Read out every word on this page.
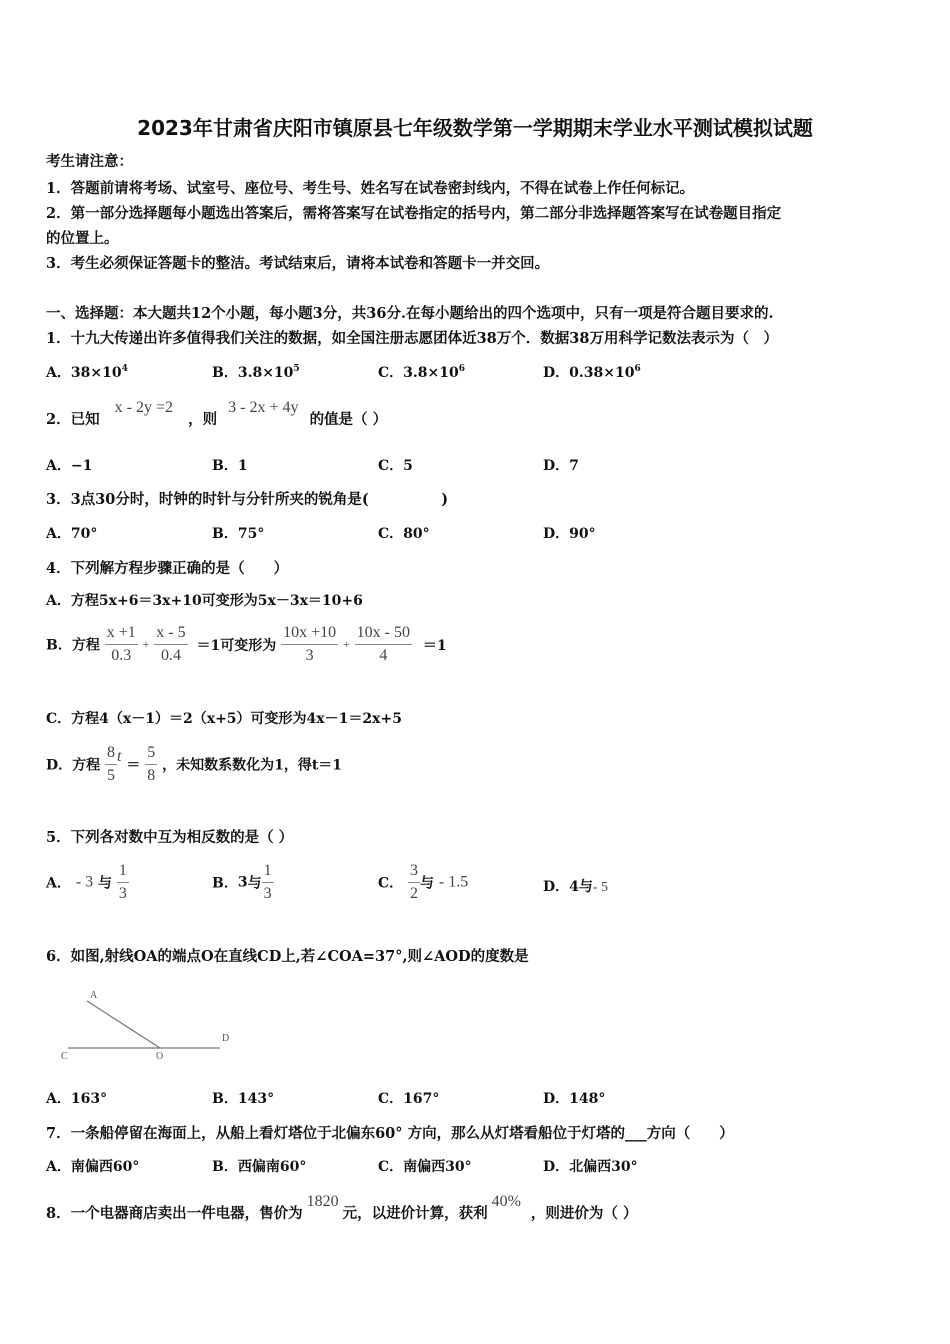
2023年甘肃省庆阳市镇原县七年级数学第一学期期末学业水平测试模拟试题
考生请注意：
1．答题前请将考场、试室号、座位号、考生号、姓名写在试卷密封线内，不得在试卷上作任何标记。
2．第一部分选择题每小题选出答案后，需将答案写在试卷指定的括号内，第二部分非选择题答案写在试卷题目指定
的位置上。
3．考生必须保证答题卡的整洁。考试结束后，请将本试卷和答题卡一并交回。
一、选择题：本大题共12个小题，每小题3分，共36分.在每小题给出的四个选项中，只有一项是符合题目要求的.
1．十九大传递出许多值得我们关注的数据，如全国注册志愿团体近38万个．数据38万用科学记数法表示为（　）
A．$38\times 10^4$	B．$3.8\times 10^5$	C．$3.8\times 10^6$	D．$0.38\times 10^6$
2．已知 x - 2y =2 ，则 3 - 2x + 4y 的值是（ ）
A．−1	B．1	C．5	D．7
3．3点30分时，时钟的时针与分针所夹的锐角是(　　　　　)
A．70°	B．75°	C．80°	D．90°
4．下列解方程步骤正确的是（　　）
A．方程5x+6＝3x+10可变形为5x－3x＝10+6
B．方程 $\frac{x +1}{0.3} + \frac{x - 5}{0.4} =1$可变形为 $\frac{10x +10}{3} + \frac{10x - 50}{4} =1$
C．方程4（x－1）＝2（x+5）可变形为4x－1＝2x+5
D．方程 $\frac{8}{5}$ $t = \frac{5}{8}$ ，未知数系数化为1，得t＝1
5．下列各对数中互为相反数的是（ ）
A． - 3 与 $\frac{1}{3}$	B．3与 $\frac{1}{3}$	C． $\frac{3}{2}$ 与 - 1.5	D．4与- 5
6．如图,射线OA的端点O在直线CD上,若∠COA=37°,则∠AOD的度数是
A
C	O
D
A．163°	B．143°	C．167°	D．148°
7．一条船停留在海面上，从船上看灯塔位于北偏东60° 方向，那么从灯塔看船位于灯塔的___方向（　　）
A．南偏西60°	B．西偏南60°	C．南偏西30°	D．北偏西30°
8．一个电器商店卖出一件电器，售价为1820元，以进价计算，获利40%，则进价为（ ）
